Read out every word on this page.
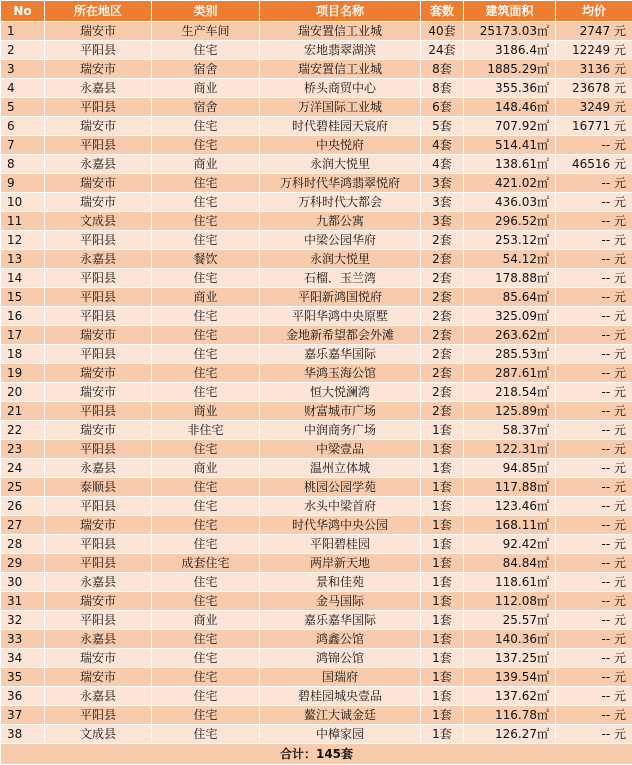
No	所在地区	类别	项目名称	套数	建筑面积	均价
1	瑞安市	生产车间	瑞安置信工业城	40套	25173.03㎡	2747 元
2	平阳县	住宅	宏地翡翠湖滨	24套	3186.4㎡	12249 元
3	瑞安市	宿舍	瑞安置信工业城	8套	1885.29㎡	3136 元
4	永嘉县	商业	桥头商贸中心	8套	355.36㎡	23678 元
5	平阳县	宿舍	万洋国际工业城	6套	148.46㎡	3249 元
6	瑞安市	住宅	时代碧桂园天宸府	5套	707.92㎡	16771 元
7	平阳县	住宅	中央悦府	4套	514.41㎡	-- 元
8	永嘉县	商业	永润大悦里	4套	138.61㎡	46516 元
9	瑞安市	住宅	万科时代华鸿翡翠悦府	3套	421.02㎡	-- 元
10	瑞安市	住宅	万科时代大都会	3套	436.03㎡	-- 元
11	文成县	住宅	九都公寓	3套	296.52㎡	-- 元
12	平阳县	住宅	中梁公园华府	2套	253.12㎡	-- 元
13	永嘉县	餐饮	永润大悦里	2套	54.12㎡	-- 元
14	平阳县	住宅	石榴．玉兰湾	2套	178.88㎡	-- 元
15	平阳县	商业	平阳新鸿国悦府	2套	85.64㎡	-- 元
16	平阳县	住宅	平阳华鸿中央原墅	2套	325.09㎡	-- 元
17	瑞安市	住宅	金地新希望都会外滩	2套	263.62㎡	-- 元
18	平阳县	住宅	嘉乐嘉华国际	2套	285.53㎡	-- 元
19	瑞安市	住宅	华鸿玉海公馆	2套	287.61㎡	-- 元
20	瑞安市	住宅	恒大悦澜湾	2套	218.54㎡	-- 元
21	平阳县	商业	财富城市广场	2套	125.89㎡	-- 元
22	瑞安市	非住宅	中润商务广场	1套	58.37㎡	-- 元
23	平阳县	住宅	中梁壹品	1套	122.31㎡	-- 元
24	永嘉县	商业	温州立体城	1套	94.85㎡	-- 元
25	泰顺县	住宅	桃园公园学苑	1套	117.88㎡	-- 元
26	平阳县	住宅	水头中梁首府	1套	123.46㎡	-- 元
27	瑞安市	住宅	时代华鸿中央公园	1套	168.11㎡	-- 元
28	平阳县	住宅	平阳碧桂园	1套	92.42㎡	-- 元
29	平阳县	成套住宅	两岸新天地	1套	84.84㎡	-- 元
30	永嘉县	住宅	景和佳苑	1套	118.61㎡	-- 元
31	瑞安市	住宅	金马国际	1套	112.08㎡	-- 元
32	平阳县	商业	嘉乐嘉华国际	1套	25.57㎡	-- 元
33	永嘉县	住宅	鸿鑫公馆	1套	140.36㎡	-- 元
34	瑞安市	住宅	鸿锦公馆	1套	137.25㎡	-- 元
35	瑞安市	住宅	国瑞府	1套	139.54㎡	-- 元
36	永嘉县	住宅	碧桂园城央壹品	1套	137.62㎡	-- 元
37	平阳县	住宅	鳌江大诚金廷	1套	116.78㎡	-- 元
38	文成县	住宅	中樟家园	1套	126.27㎡	-- 元
合计：145套						
